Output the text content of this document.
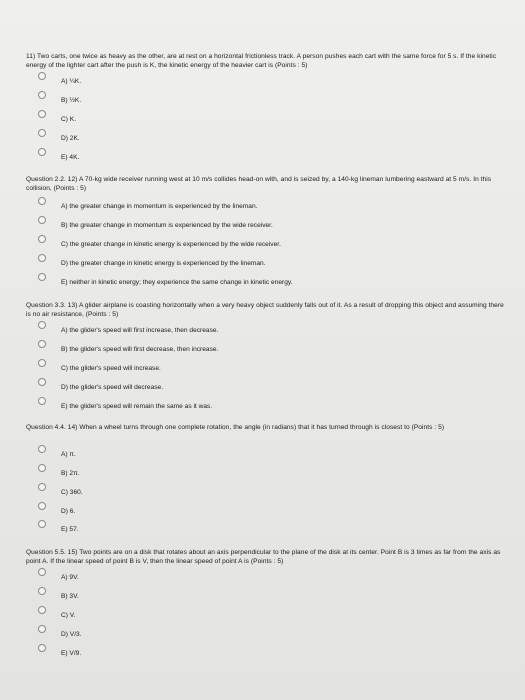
11) Two carts, one twice as heavy as the other, are at rest on a horizontal frictionless track. A person pushes each cart with the same force for 5 s. If the kinetic energy of the lighter cart after the push is K, the kinetic energy of the heavier cart is (Points : 5)
A) ¼K.
B) ½K.
C) K.
D) 2K.
E) 4K.
Question 2.2. 12) A 70-kg wide receiver running west at 10 m/s collides head-on with, and is seized by, a 140-kg lineman lumbering eastward at 5 m/s. In this collision, (Points : 5)
A) the greater change in momentum is experienced by the lineman.
B) the greater change in momentum is experienced by the wide receiver.
C) the greater change in kinetic energy is experienced by the wide receiver.
D) the greater change in kinetic energy is experienced by the lineman.
E) neither in kinetic energy; they experience the same change in kinetic energy.
Question 3.3. 13) A glider airplane is coasting horizontally when a very heavy object suddenly falls out of it. As a result of dropping this object and assuming there is no air resistance, (Points : 5)
A) the glider's speed will first increase, then decrease.
B) the glider's speed will first decrease, then increase.
C) the glider's speed will increase.
D) the glider's speed will decrease.
E) the glider's speed will remain the same as it was.
Question 4.4. 14) When a wheel turns through one complete rotation, the angle (in radians) that it has turned through is closest to (Points : 5)
A) π.
B) 2π.
C) 360.
D) 6.
E) 57.
Question 5.5. 15) Two points are on a disk that rotates about an axis perpendicular to the plane of the disk at its center. Point B is 3 times as far from the axis as point A. If the linear speed of point B is V, then the linear speed of point A is (Points : 5)
A) 9V.
B) 3V.
C) V.
D) V/3.
E) V/9.
